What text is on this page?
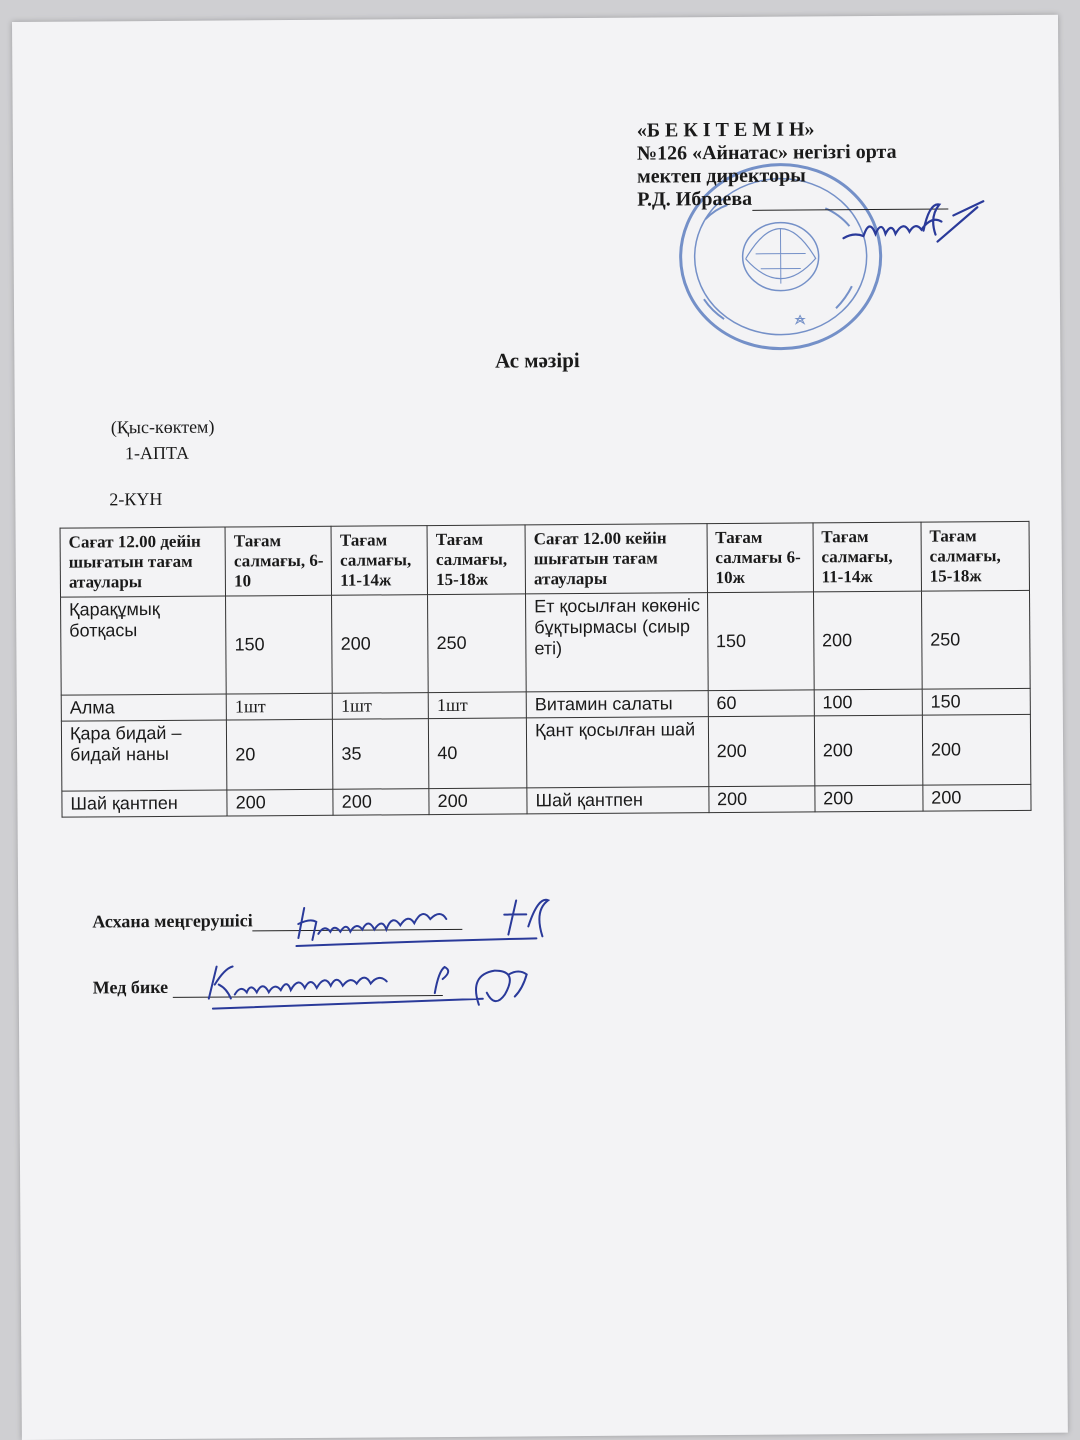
«Б Е К І Т Е М І Н»
№126 «Айнатас» негізгі орта
мектеп директоры
Р.Д. Ибраева
Ас мәзірі
(Қыс-көктем)
1-АПТА
2-КҮН
Сағат 12.00 дейін шығатын тағам атаулары	Тағам салмағы, 6-10	Тағам салмағы, 11-14ж	Тағам салмағы, 15-18ж	Сағат 12.00 кейін шығатын тағам атаулары	Тағам салмағы 6-10ж	Тағам салмағы, 11-14ж	Тағам салмағы, 15-18ж
Қарақұмық ботқасы	150	200	250	Ет қосылған көкөніс бұқтырмасы (сиыр еті)	150	200	250
Алма	1шт	1шт	1шт	Витамин салаты	60	100	150
Қара бидай – бидай наны	20	35	40	Қант қосылған шай	200	200	200
Шай қантпен	200	200	200	Шай қантпен	200	200	200
Асхана меңгерушісі
Мед бике
